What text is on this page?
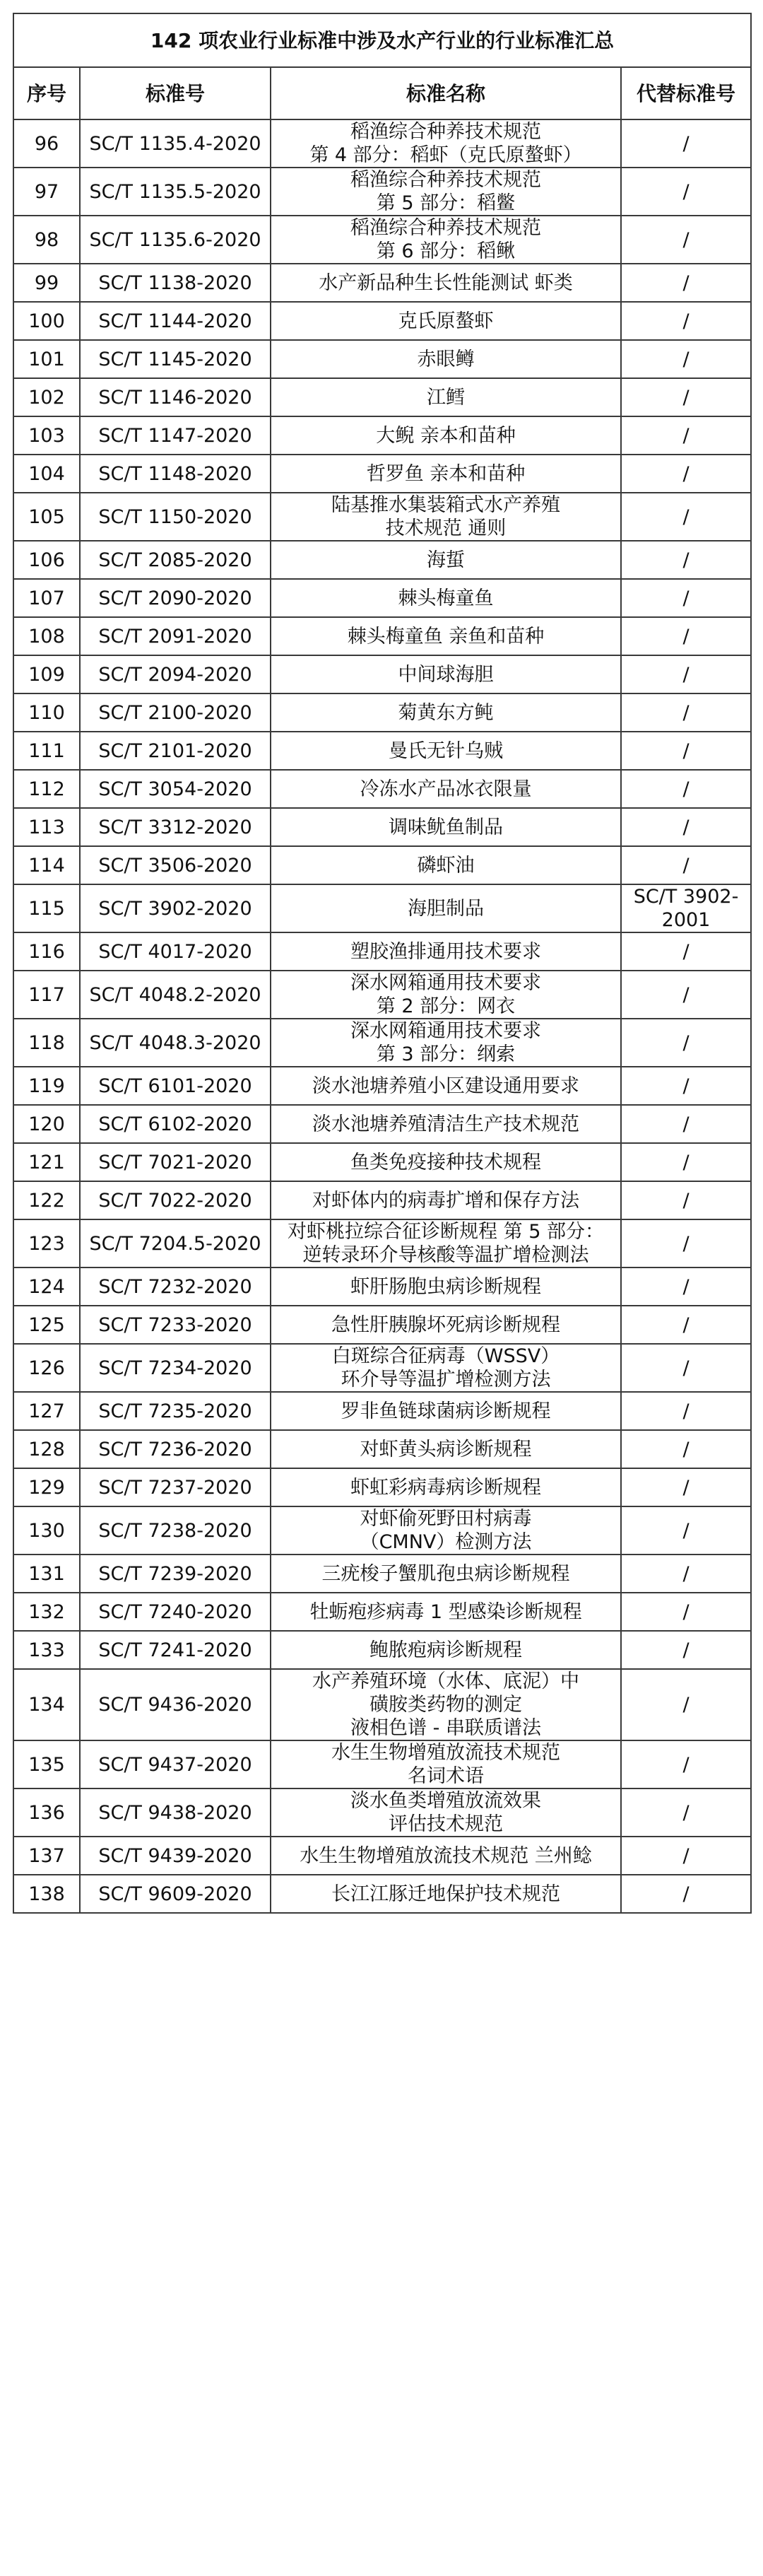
142 项农业行业标准中涉及水产行业的行业标准汇总			
序号	标准号	标准名称	代替标准号
96	SC/T 1135.4-2020	稻渔综合种养技术规范
第 4 部分：稻虾（克氏原螯虾）	/
97	SC/T 1135.5-2020	稻渔综合种养技术规范
第 5 部分：稻鳖	/
98	SC/T 1135.6-2020	稻渔综合种养技术规范
第 6 部分：稻鳅	/
99	SC/T 1138-2020	水产新品种生长性能测试 虾类	/
100	SC/T 1144-2020	克氏原螯虾	/
101	SC/T 1145-2020	赤眼鳟	/
102	SC/T 1146-2020	江鳕	/
103	SC/T 1147-2020	大鲵 亲本和苗种	/
104	SC/T 1148-2020	哲罗鱼 亲本和苗种	/
105	SC/T 1150-2020	陆基推水集装箱式水产养殖
技术规范 通则	/
106	SC/T 2085-2020	海蜇	/
107	SC/T 2090-2020	棘头梅童鱼	/
108	SC/T 2091-2020	棘头梅童鱼 亲鱼和苗种	/
109	SC/T 2094-2020	中间球海胆	/
110	SC/T 2100-2020	菊黄东方鲀	/
111	SC/T 2101-2020	曼氏无针乌贼	/
112	SC/T 3054-2020	冷冻水产品冰衣限量	/
113	SC/T 3312-2020	调味鱿鱼制品	/
114	SC/T 3506-2020	磷虾油	/
115	SC/T 3902-2020	海胆制品	SC/T 3902-
2001
116	SC/T 4017-2020	塑胶渔排通用技术要求	/
117	SC/T 4048.2-2020	深水网箱通用技术要求
第 2 部分：网衣	/
118	SC/T 4048.3-2020	深水网箱通用技术要求
第 3 部分：纲索	/
119	SC/T 6101-2020	淡水池塘养殖小区建设通用要求	/
120	SC/T 6102-2020	淡水池塘养殖清洁生产技术规范	/
121	SC/T 7021-2020	鱼类免疫接种技术规程	/
122	SC/T 7022-2020	对虾体内的病毒扩增和保存方法	/
123	SC/T 7204.5-2020	对虾桃拉综合征诊断规程 第 5 部分：
逆转录环介导核酸等温扩增检测法	/
124	SC/T 7232-2020	虾肝肠胞虫病诊断规程	/
125	SC/T 7233-2020	急性肝胰腺坏死病诊断规程	/
126	SC/T 7234-2020	白斑综合征病毒（WSSV）
环介导等温扩增检测方法	/
127	SC/T 7235-2020	罗非鱼链球菌病诊断规程	/
128	SC/T 7236-2020	对虾黄头病诊断规程	/
129	SC/T 7237-2020	虾虹彩病毒病诊断规程	/
130	SC/T 7238-2020	对虾偷死野田村病毒
（CMNV）检测方法	/
131	SC/T 7239-2020	三疣梭子蟹肌孢虫病诊断规程	/
132	SC/T 7240-2020	牡蛎疱疹病毒 1 型感染诊断规程	/
133	SC/T 7241-2020	鲍脓疱病诊断规程	/
134	SC/T 9436-2020	水产养殖环境（水体、底泥）中
磺胺类药物的测定
液相色谱 - 串联质谱法	/
135	SC/T 9437-2020	水生生物增殖放流技术规范
名词术语	/
136	SC/T 9438-2020	淡水鱼类增殖放流效果
评估技术规范	/
137	SC/T 9439-2020	水生生物增殖放流技术规范 兰州鲶	/
138	SC/T 9609-2020	长江江豚迁地保护技术规范	/
